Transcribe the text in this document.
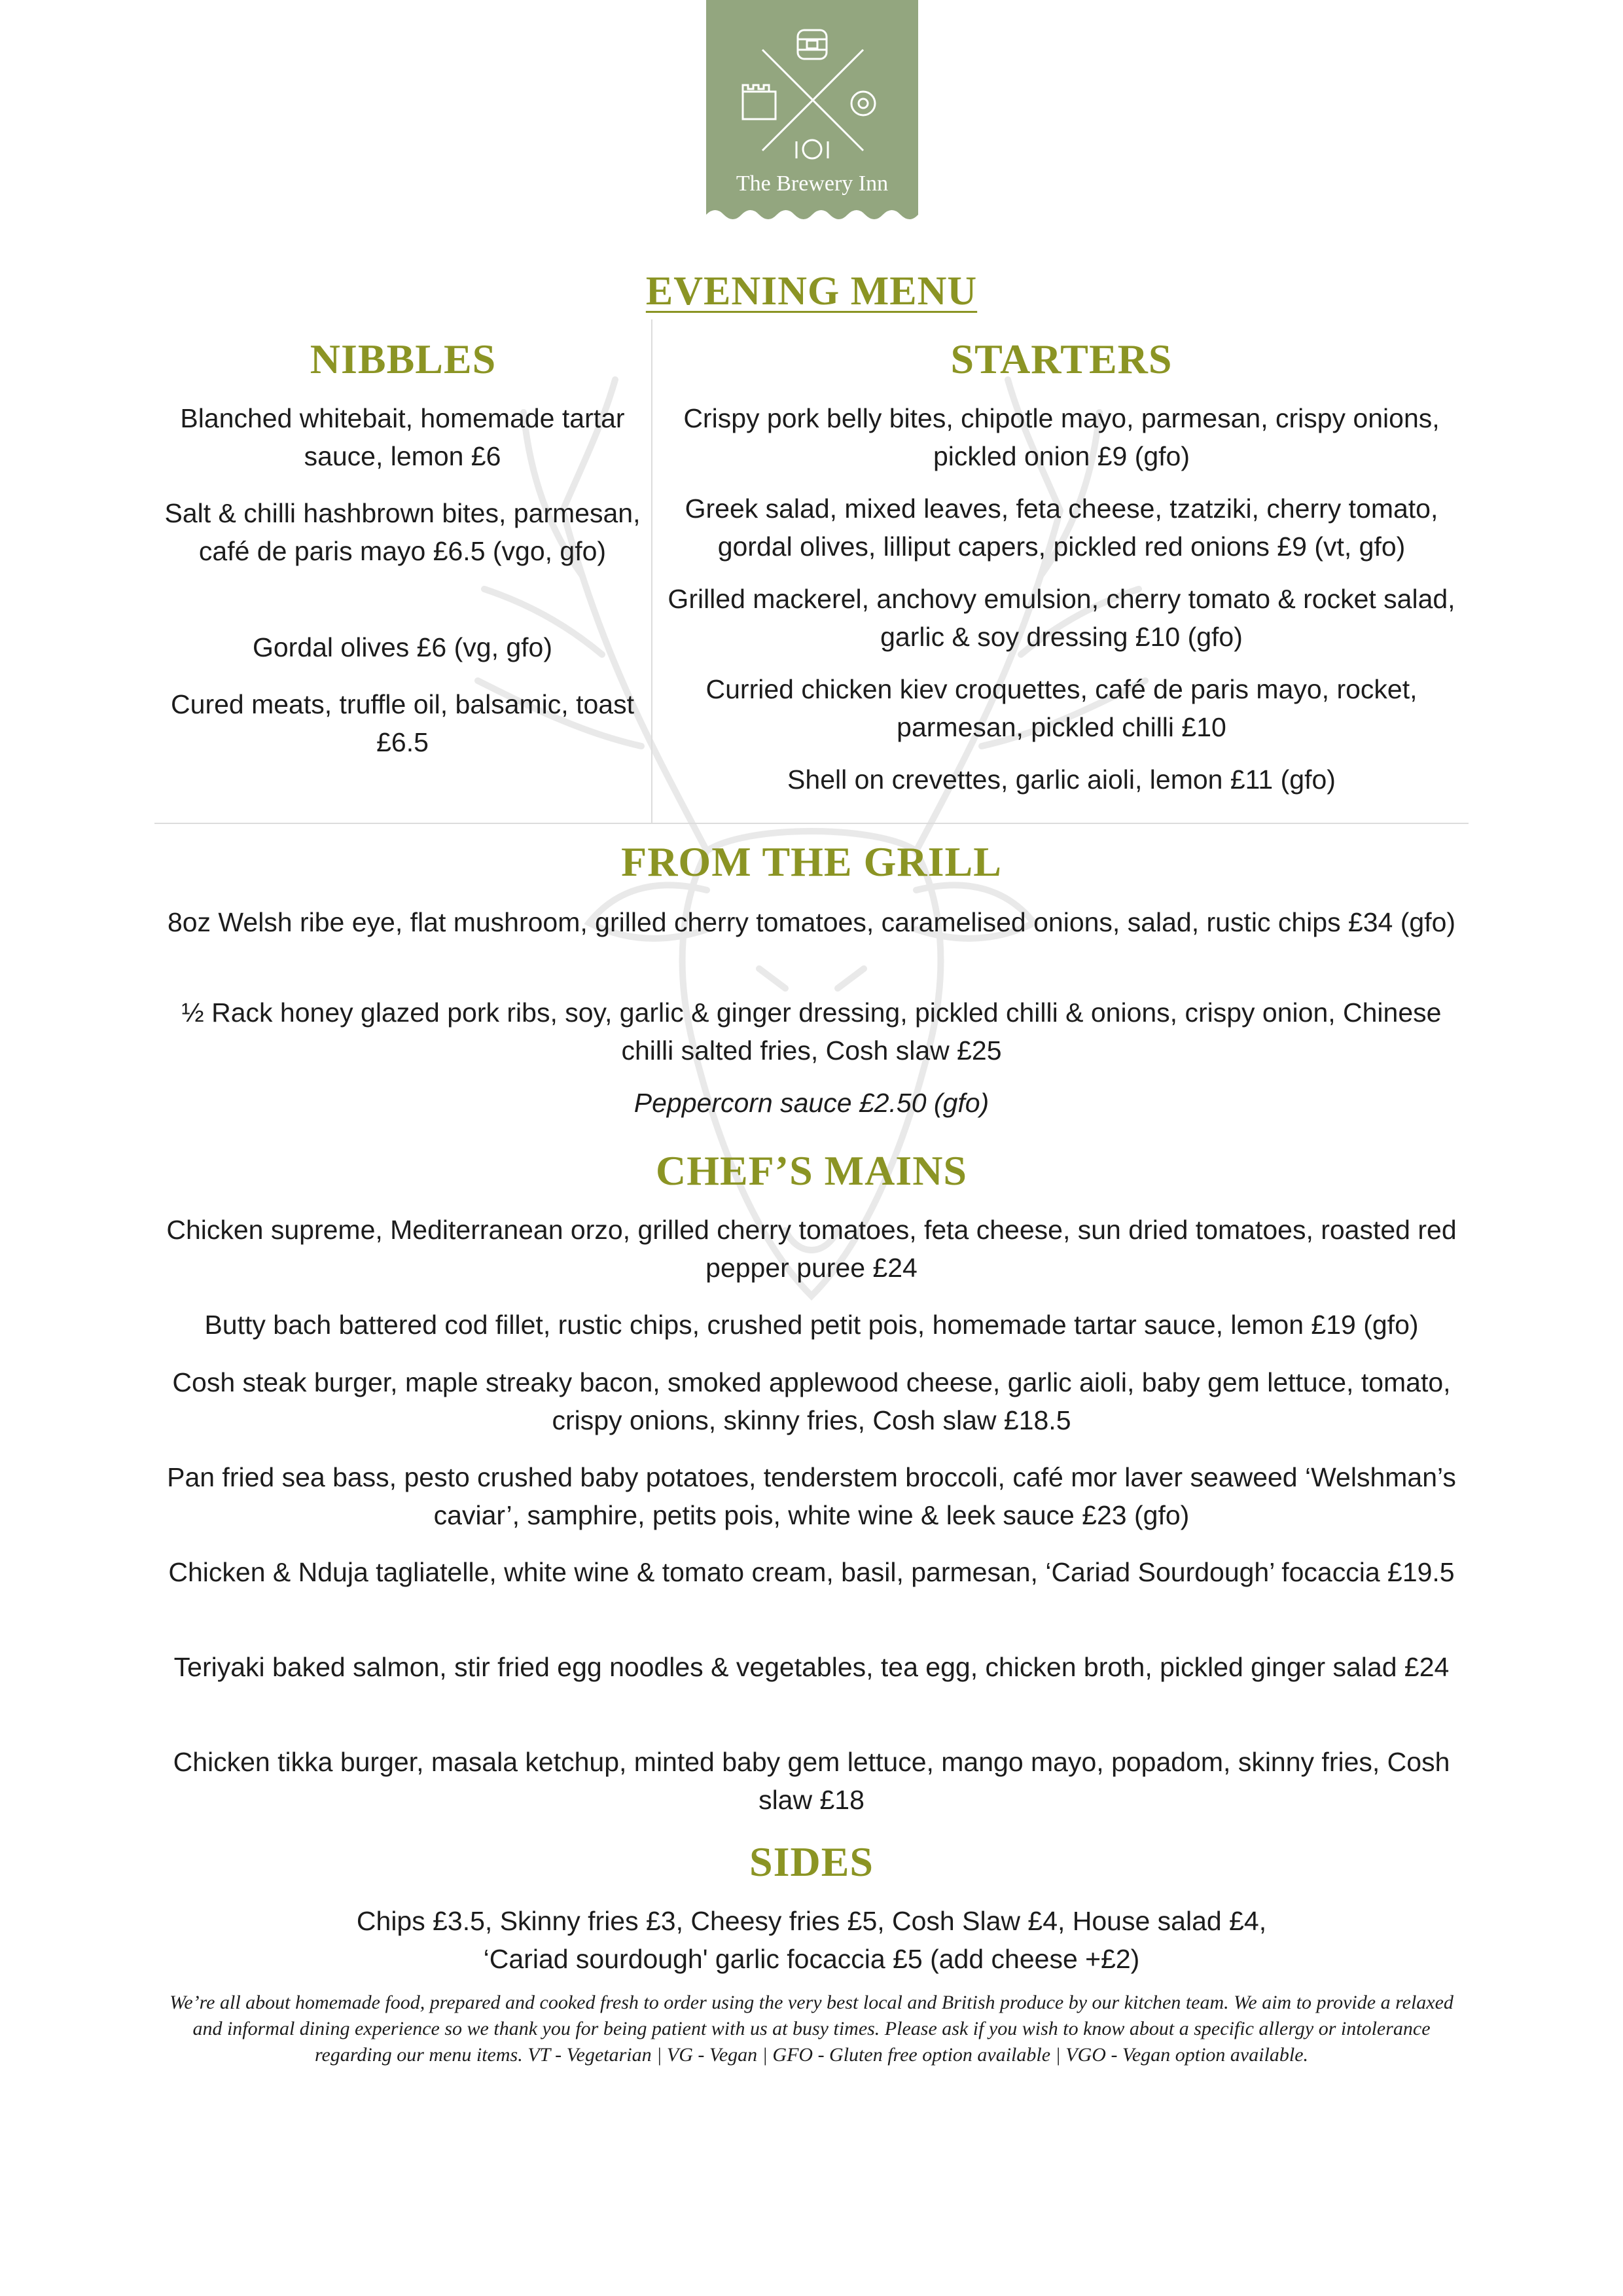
The Brewery Inn
EVENING MENU
NIBBLES
Blanched whitebait, homemade tartar sauce, lemon £6
Salt & chilli hashbrown bites, parmesan, café de paris mayo £6.5 (vgo, gfo)
Gordal olives £6 (vg, gfo)
Cured meats, truffle oil, balsamic, toast £6.5
STARTERS
Crispy pork belly bites, chipotle mayo, parmesan, crispy onions, pickled onion £9 (gfo)
Greek salad, mixed leaves, feta cheese, tzatziki, cherry tomato, gordal olives, lilliput capers, pickled red onions £9 (vt, gfo)
Grilled mackerel, anchovy emulsion, cherry tomato & rocket salad, garlic & soy dressing £10 (gfo)
Curried chicken kiev croquettes, café de paris mayo, rocket, parmesan, pickled chilli £10
Shell on crevettes, garlic aioli, lemon £11 (gfo)
FROM THE GRILL
8oz Welsh ribe eye, flat mushroom, grilled cherry tomatoes, caramelised onions, salad, rustic chips £34 (gfo)
½ Rack honey glazed pork ribs, soy, garlic & ginger dressing, pickled chilli & onions, crispy onion, Chinese chilli salted fries, Cosh slaw £25
Peppercorn sauce £2.50 (gfo)
CHEF’S MAINS
Chicken supreme, Mediterranean orzo, grilled cherry tomatoes, feta cheese, sun dried tomatoes, roasted red pepper puree £24
Butty bach battered cod fillet, rustic chips, crushed petit pois, homemade tartar sauce, lemon £19 (gfo)
Cosh steak burger, maple streaky bacon, smoked applewood cheese, garlic aioli, baby gem lettuce, tomato, crispy onions, skinny fries, Cosh slaw £18.5
Pan fried sea bass, pesto crushed baby potatoes, tenderstem broccoli, café mor laver seaweed ‘Welshman’s caviar’, samphire, petits pois, white wine & leek sauce £23 (gfo)
Chicken & Nduja tagliatelle, white wine & tomato cream, basil, parmesan, ‘Cariad Sourdough’ focaccia £19.5
Teriyaki baked salmon, stir fried egg noodles & vegetables, tea egg, chicken broth, pickled ginger salad £24
Chicken tikka burger, masala ketchup, minted baby gem lettuce, mango mayo, popadom, skinny fries, Cosh slaw £18
SIDES
Chips £3.5, Skinny fries £3, Cheesy fries £5, Cosh Slaw £4, House salad £4,
‘Cariad sourdough' garlic focaccia £5 (add cheese +£2)
We’re all about homemade food, prepared and cooked fresh to order using the very best local and British produce by our kitchen team. We aim to provide a relaxed and informal dining experience so we thank you for being patient with us at busy times. Please ask if you wish to know about a specific allergy or intolerance regarding our menu items. VT - Vegetarian | VG - Vegan | GFO - Gluten free option available | VGO - Vegan option available.
